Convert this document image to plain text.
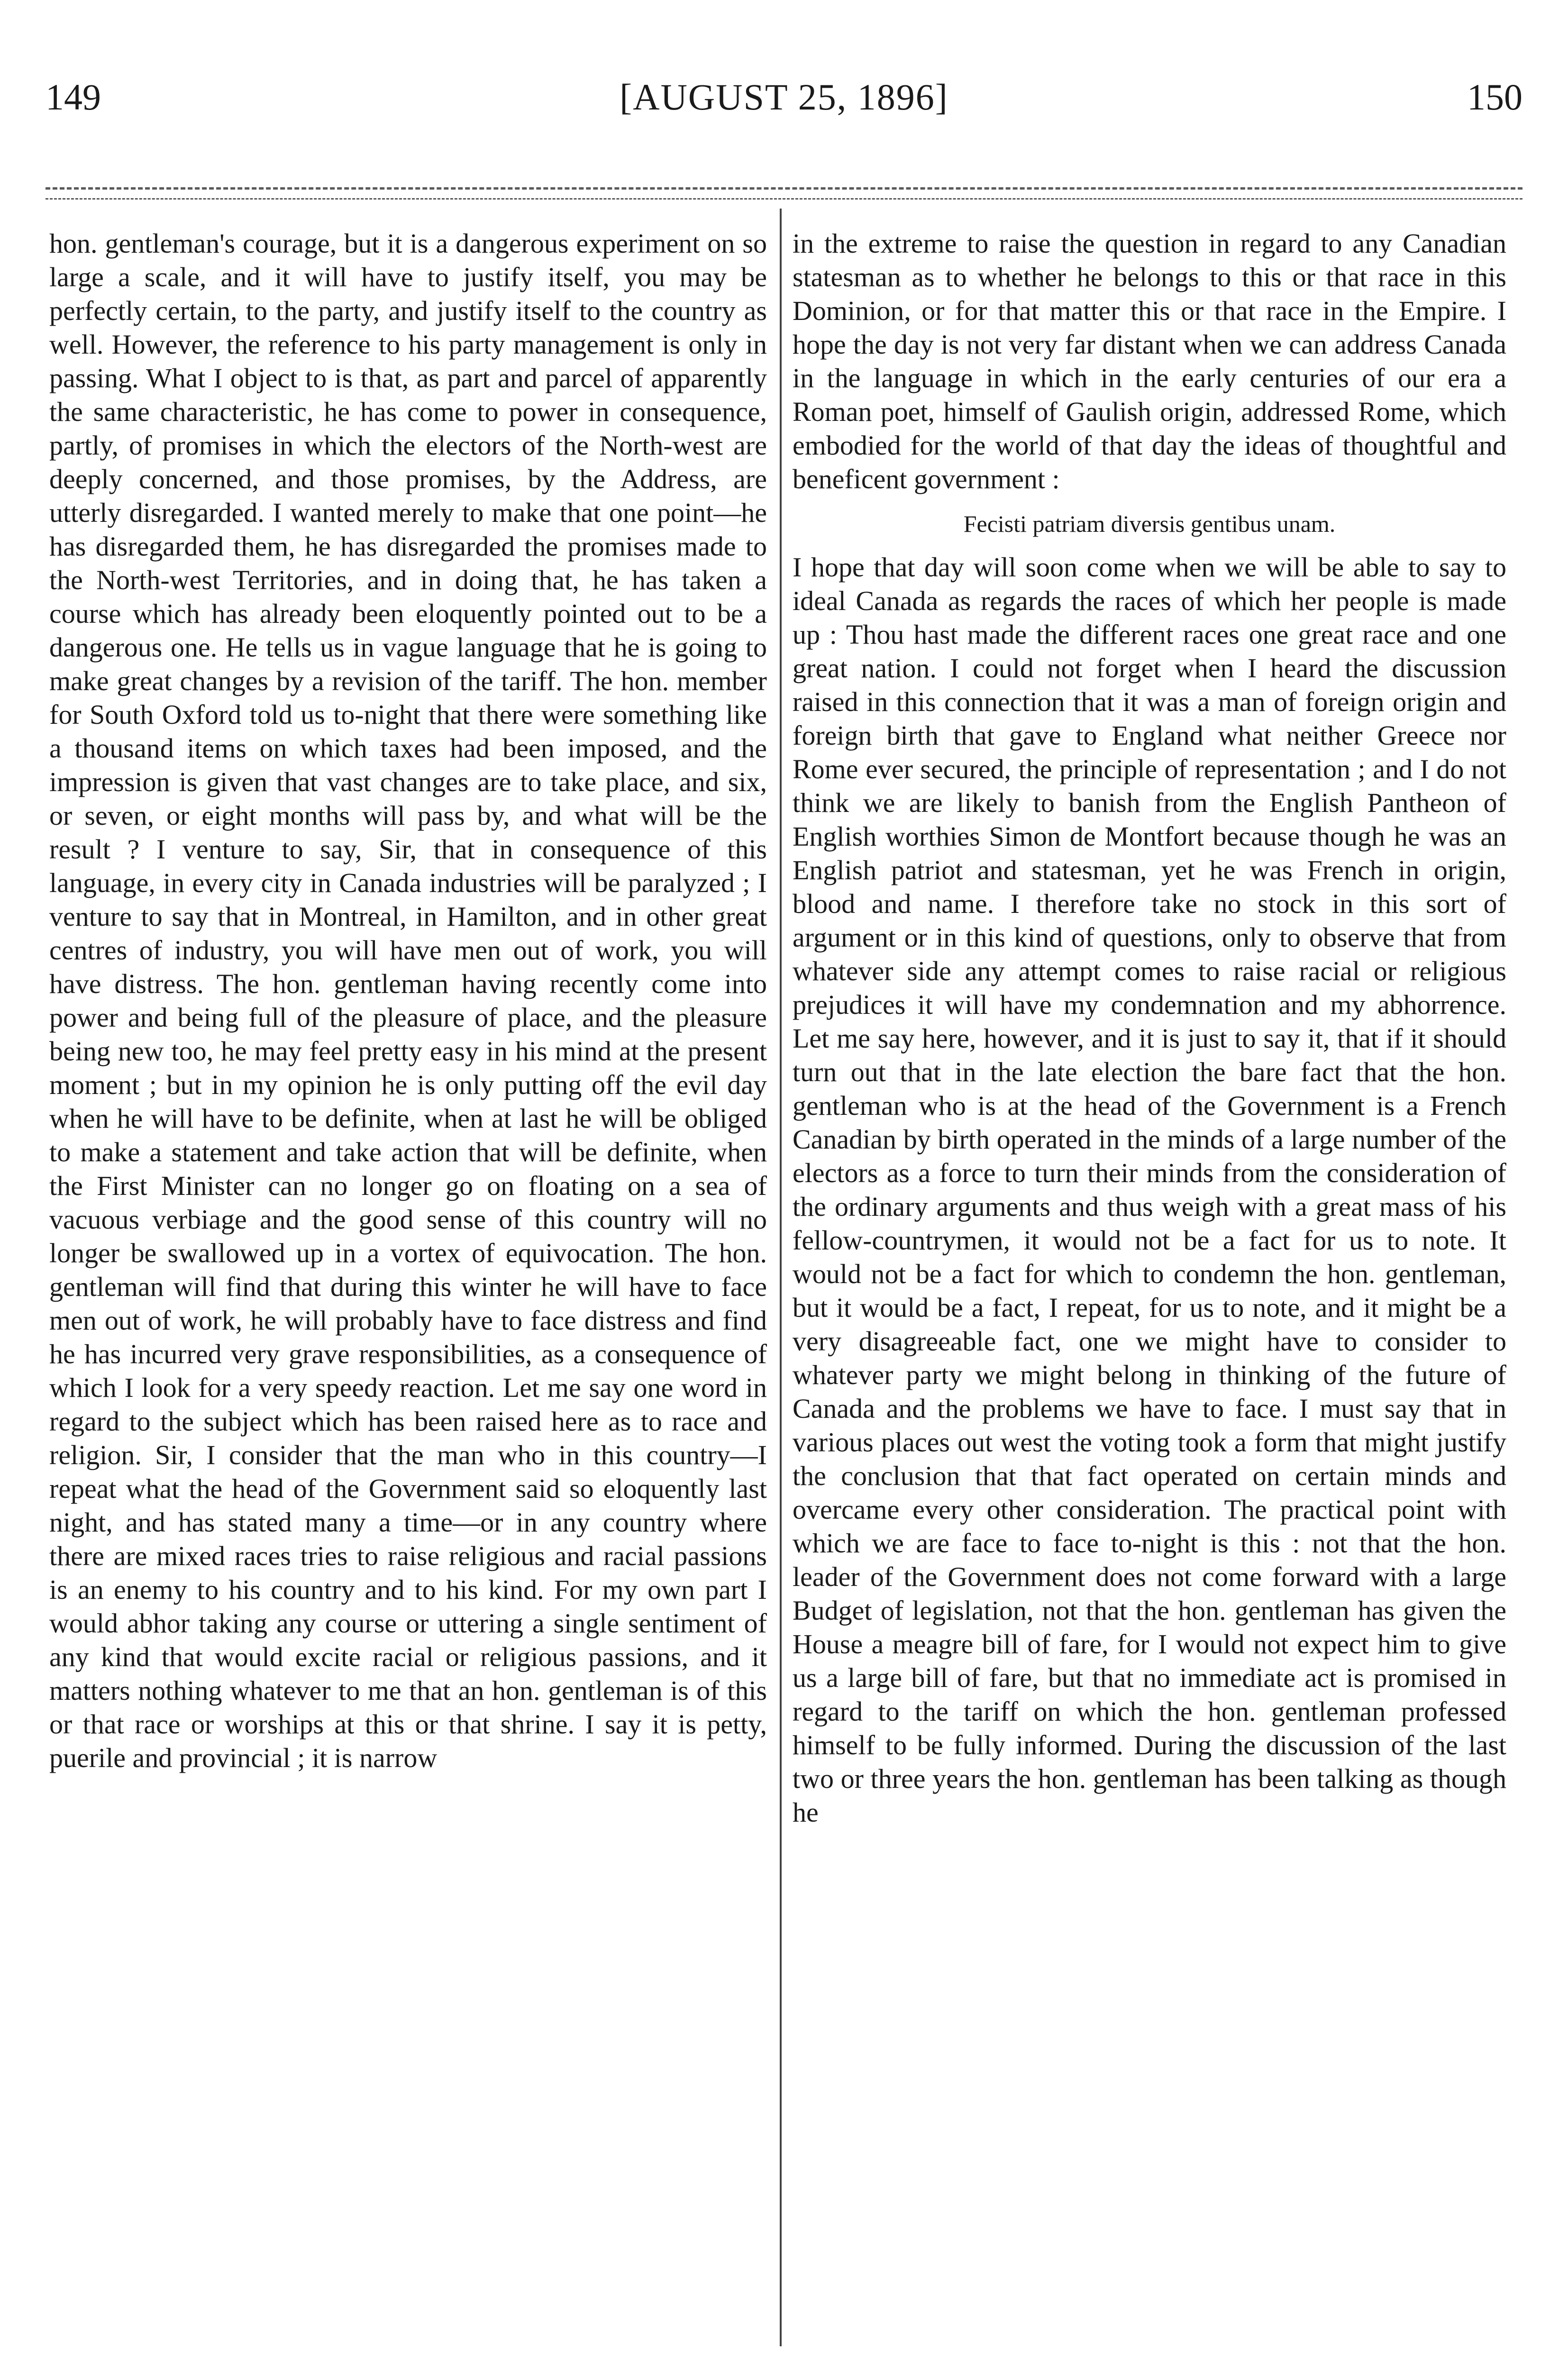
149	[AUGUST 25, 1896]	150

hon. gentleman's courage, but it is a dangerous experiment on so large a scale, and it will have to justify itself, you may be perfectly certain, to the party, and justify itself to the country as well. However, the reference to his party management is only in passing. What I object to is that, as part and parcel of apparently the same characteristic, he has come to power in consequence, partly, of promises in which the electors of the North-west are deeply concerned, and those promises, by the Address, are utterly disregarded. I wanted merely to make that one point—he has disregarded them, he has disregarded the promises made to the North-west Territories, and in doing that, he has taken a course which has already been eloquently pointed out to be a dangerous one. He tells us in vague language that he is going to make great changes by a revision of the tariff. The hon. member for South Oxford told us to-night that there were something like a thousand items on which taxes had been imposed, and the impression is given that vast changes are to take place, and six, or seven, or eight months will pass by, and what will be the result ? I venture to say, Sir, that in consequence of this language, in every city in Canada industries will be paralyzed ; I venture to say that in Montreal, in Hamilton, and in other great centres of industry, you will have men out of work, you will have distress. The hon. gentleman having recently come into power and being full of the pleasure of place, and the pleasure being new too, he may feel pretty easy in his mind at the present moment ; but in my opinion he is only putting off the evil day when he will have to be definite, when at last he will be obliged to make a statement and take action that will be definite, when the First Minister can no longer go on floating on a sea of vacuous verbiage and the good sense of this country will no longer be swallowed up in a vortex of equivocation. The hon. gentleman will find that during this winter he will have to face men out of work, he will probably have to face distress and find he has incurred very grave responsibilities, as a consequence of which I look for a very speedy reaction. Let me say one word in regard to the subject which has been raised here as to race and religion. Sir, I consider that the man who in this country—I repeat what the head of the Government said so eloquently last night, and has stated many a time—or in any country where there are mixed races tries to raise religious and racial passions is an enemy to his country and to his kind. For my own part I would abhor taking any course or uttering a single sentiment of any kind that would excite racial or religious passions, and it matters nothing whatever to me that an hon. gentleman is of this or that race or worships at this or that shrine. I say it is petty, puerile and provincial ; it is narrow

in the extreme to raise the question in regard to any Canadian statesman as to whether he belongs to this or that race in this Dominion, or for that matter this or that race in the Empire. I hope the day is not very far distant when we can address Canada in the language in which in the early centuries of our era a Roman poet, himself of Gaulish origin, addressed Rome, which embodied for the world of that day the ideas of thoughtful and beneficent government :

Fecisti patriam diversis gentibus unam.

I hope that day will soon come when we will be able to say to ideal Canada as regards the races of which her people is made up : Thou hast made the different races one great race and one great nation. I could not forget when I heard the discussion raised in this connection that it was a man of foreign origin and foreign birth that gave to England what neither Greece nor Rome ever secured, the principle of representation ; and I do not think we are likely to banish from the English Pantheon of English worthies Simon de Montfort because though he was an English patriot and statesman, yet he was French in origin, blood and name. I therefore take no stock in this sort of argument or in this kind of questions, only to observe that from whatever side any attempt comes to raise racial or religious prejudices it will have my condemnation and my abhorrence. Let me say here, however, and it is just to say it, that if it should turn out that in the late election the bare fact that the hon. gentleman who is at the head of the Government is a French Canadian by birth operated in the minds of a large number of the electors as a force to turn their minds from the consideration of the ordinary arguments and thus weigh with a great mass of his fellow-countrymen, it would not be a fact for us to note. It would not be a fact for which to condemn the hon. gentleman, but it would be a fact, I repeat, for us to note, and it might be a very disagreeable fact, one we might have to consider to whatever party we might belong in thinking of the future of Canada and the problems we have to face. I must say that in various places out west the voting took a form that might justify the conclusion that that fact operated on certain minds and overcame every other consideration. The practical point with which we are face to face to-night is this : not that the hon. leader of the Government does not come forward with a large Budget of legislation, not that the hon. gentleman has given the House a meagre bill of fare, for I would not expect him to give us a large bill of fare, but that no immediate act is promised in regard to the tariff on which the hon. gentleman professed himself to be fully informed. During the discussion of the last two or three years the hon. gentleman has been talking as though he
